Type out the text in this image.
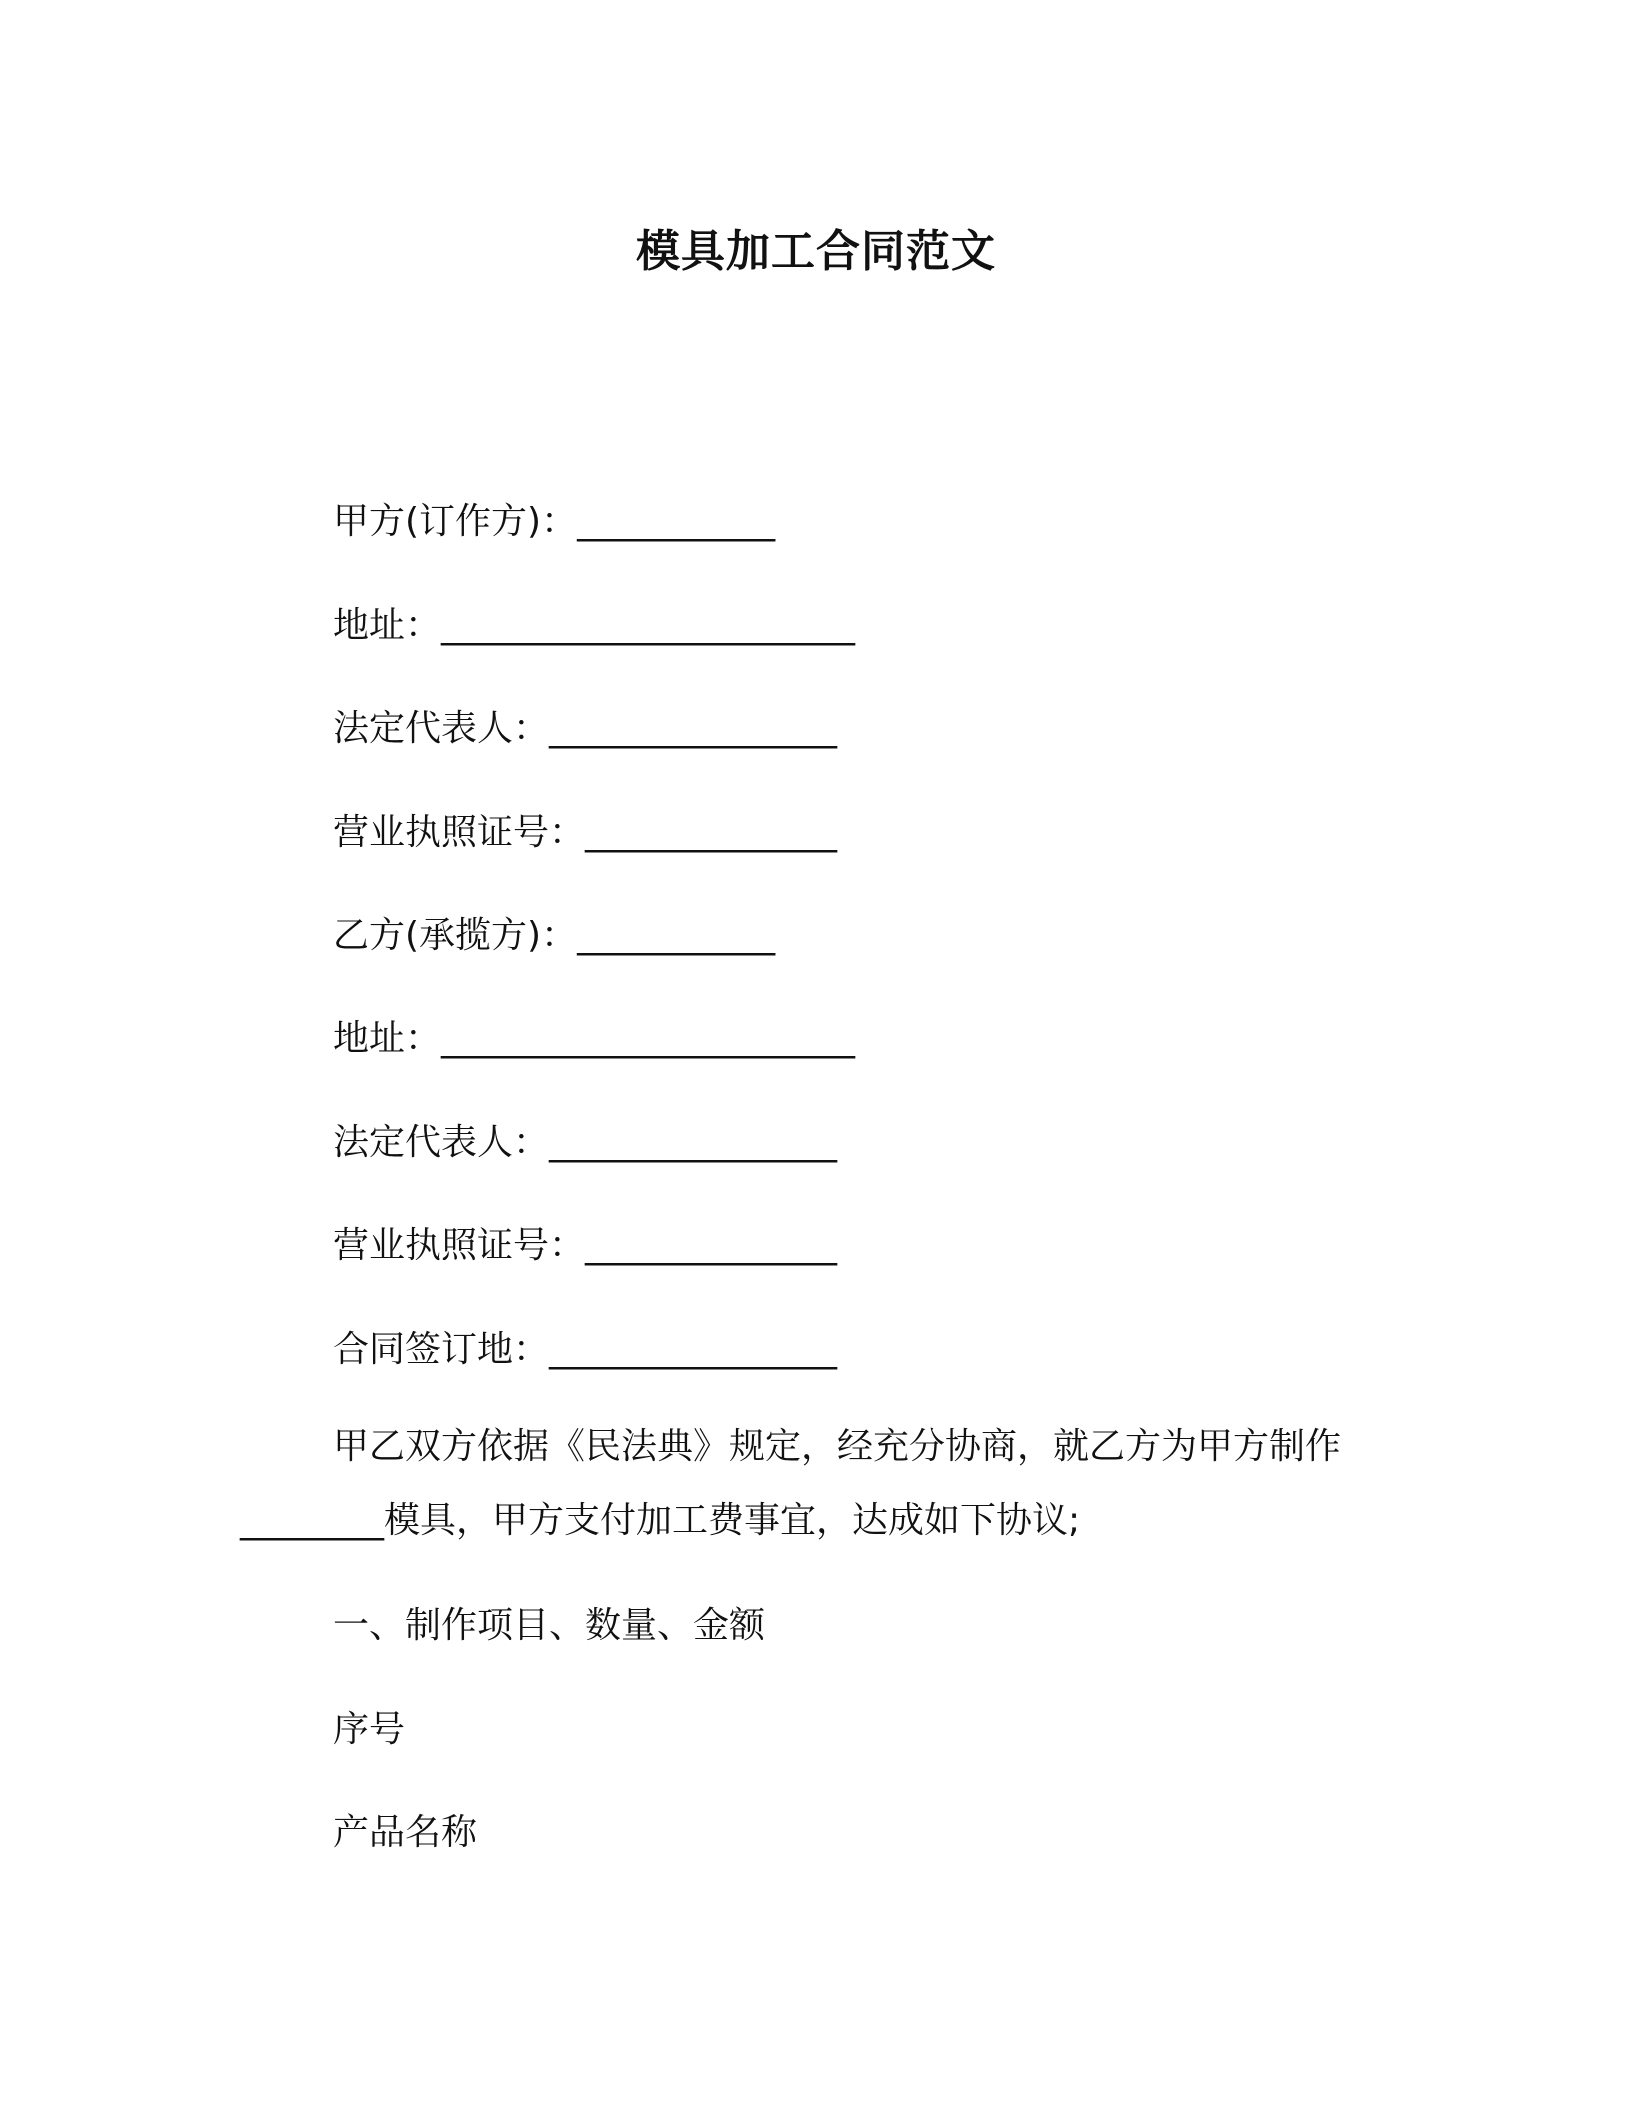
模具加工合同范文
甲方(订作方)：___________
地址：_______________________
法定代表人：________________
营业执照证号：______________
乙方(承揽方)：___________
地址：_______________________
法定代表人：________________
营业执照证号：______________
合同签订地：________________
甲乙双方依据《民法典》规定，经充分协商，就乙方为甲方制作
________模具，甲方支付加工费事宜，达成如下协议;
一、制作项目、数量、金额
序号
产品名称
